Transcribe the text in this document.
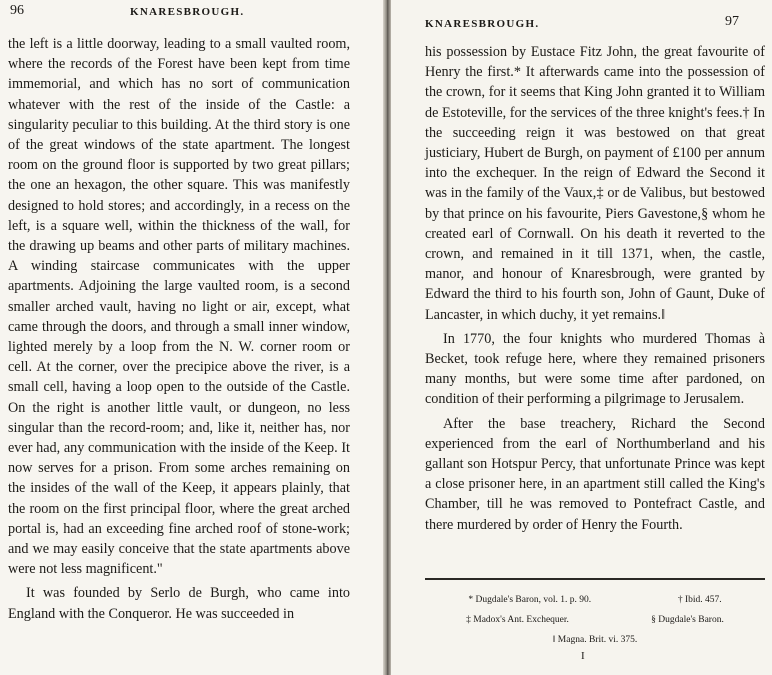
96	KNARESBROUGH.

the left is a little doorway, leading to a small vaulted room, where the records of the Forest have been kept from time immemorial, and which has no sort of communication whatever with the rest of the inside of the Castle: a singularity peculiar to this building. At the third story is one of the great windows of the state apartment. The longest room on the ground floor is supported by two great pillars; the one an hexagon, the other square. This was manifestly designed to hold stores; and accordingly, in a recess on the left, is a square well, within the thickness of the wall, for the drawing up beams and other parts of military machines. A winding staircase communicates with the upper apartments. Adjoining the large vaulted room, is a second smaller arched vault, having no light or air, except, what came through the doors, and through a small inner window, lighted merely by a loop from the N. W. corner room or cell. At the corner, over the precipice above the river, is a small cell, having a loop open to the outside of the Castle. On the right is another little vault, or dungeon, no less singular than the record-room; and, like it, neither has, nor ever had, any communication with the inside of the Keep. It now serves for a prison. From some arches remaining on the insides of the wall of the Keep, it appears plainly, that the room on the first principal floor, where the great arched portal is, had an exceeding fine arched roof of stone-work; and we may easily conceive that the state apartments above were not less magnificent."

It was founded by Serlo de Burgh, who came into England with the Conqueror. He was succeeded in

KNARESBROUGH.	97

his possession by Eustace Fitz John, the great favourite of Henry the first.* It afterwards came into the possession of the crown, for it seems that King John granted it to William de Estoteville, for the services of the three knight's fees.† In the succeeding reign it was bestowed on that great justiciary, Hubert de Burgh, on payment of £100 per annum into the exchequer. In the reign of Edward the Second it was in the family of the Vaux,‡ or de Valibus, but bestowed by that prince on his favourite, Piers Gavestone,§ whom he created earl of Cornwall. On his death it reverted to the crown, and remained in it till 1371, when, the castle, manor, and honour of Knaresbrough, were granted by Edward the third to his fourth son, John of Gaunt, Duke of Lancaster, in which duchy, it yet remains.‖

In 1770, the four knights who murdered Thomas à Becket, took refuge here, where they remained prisoners many months, but were some time after pardoned, on condition of their performing a pilgrimage to Jerusalem.

After the base treachery, Richard the Second experienced from the earl of Northumberland and his gallant son Hotspur Percy, that unfortunate Prince was kept a close prisoner here, in an apartment still called the King's Chamber, till he was removed to Pontefract Castle, and there murdered by order of Henry the Fourth.

* Dugdale's Baron, vol. 1. p. 90.	† Ibid. 457.
‡ Madox's Ant. Exchequer.	§ Dugdale's Baron.
‖ Magna. Brit. vi. 375.
I
